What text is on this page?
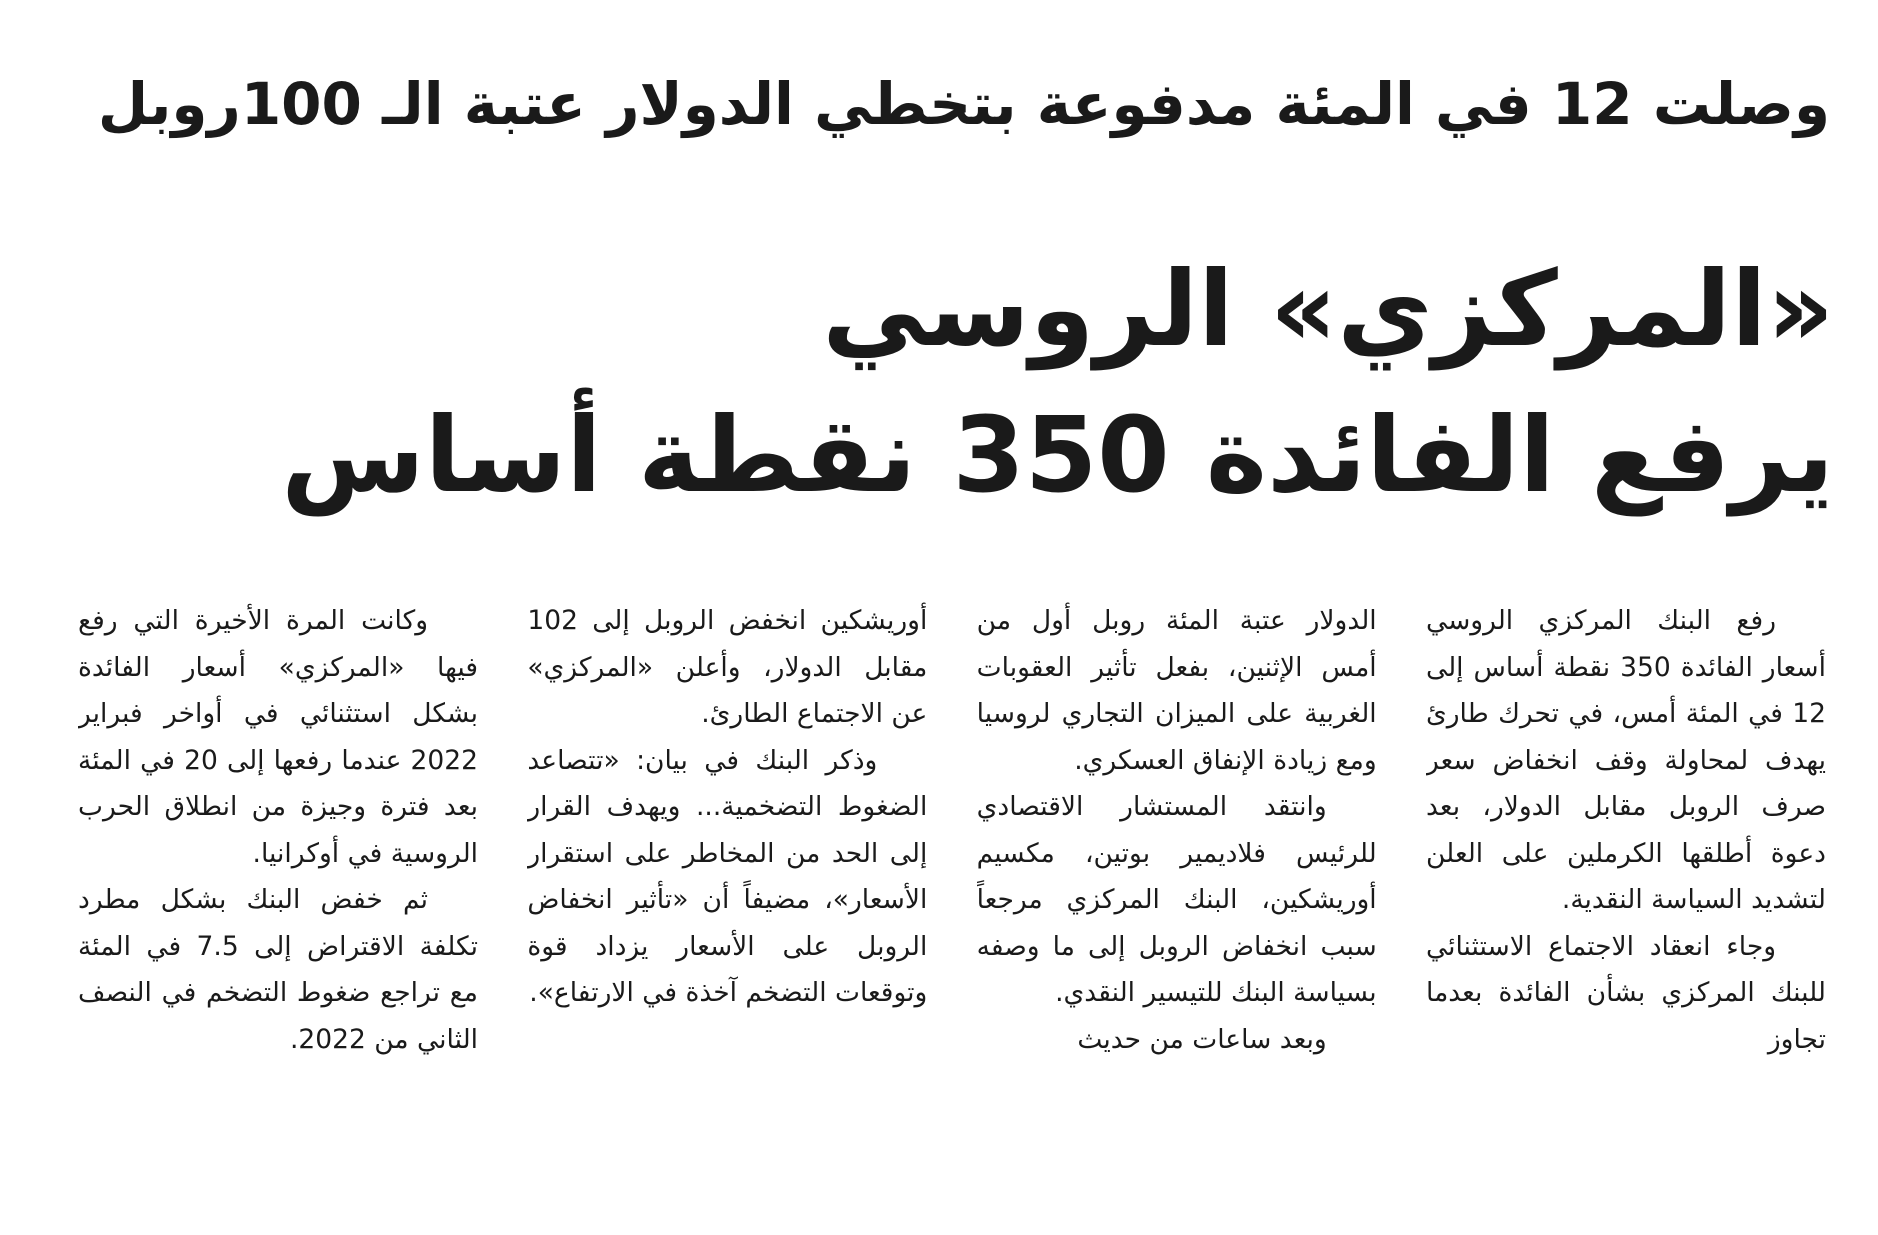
وصلت 12 في المئة مدفوعة بتخطي الدولار عتبة الـ 100روبل
«المركزي» الروسي
يرفع الفائدة 350 نقطة أساس

رفع البنك المركزي الروسي أسعار الفائدة 350 نقطة أساس إلى 12 في المئة أمس، في تحرك طارئ يهدف لمحاولة وقف انخفاض سعر صرف الروبل مقابل الدولار، بعد دعوة أطلقها الكرملين على العلن لتشديد السياسة النقدية.

وجاء انعقاد الاجتماع الاستثنائي للبنك المركزي بشأن الفائدة بعدما تجاوز

الدولار عتبة المئة روبل أول من أمس الإثنين، بفعل تأثير العقوبات الغربية على الميزان التجاري لروسيا ومع زيادة الإنفاق العسكري.

وانتقد المستشار الاقتصادي للرئيس فلاديمير بوتين، مكسيم أوريشكين، البنك المركزي مرجعاً سبب انخفاض الروبل إلى ما وصفه بسياسة البنك للتيسير النقدي.

وبعد ساعات من حديث

أوريشكين انخفض الروبل إلى 102 مقابل الدولار، وأعلن «المركزي» عن الاجتماع الطارئ.

وذكر البنك في بيان: «تتصاعد الضغوط التضخمية... ويهدف القرار إلى الحد من المخاطر على استقرار الأسعار»، مضيفاً أن «تأثير انخفاض الروبل على الأسعار يزداد قوة وتوقعات التضخم آخذة في الارتفاع».

وكانت المرة الأخيرة التي رفع فيها «المركزي» أسعار الفائدة بشكل استثنائي في أواخر فبراير 2022 عندما رفعها إلى 20 في المئة بعد فترة وجيزة من انطلاق الحرب الروسية في أوكرانيا.

ثم خفض البنك بشكل مطرد تكلفة الاقتراض إلى 7.5 في المئة مع تراجع ضغوط التضخم في النصف الثاني من 2022.
